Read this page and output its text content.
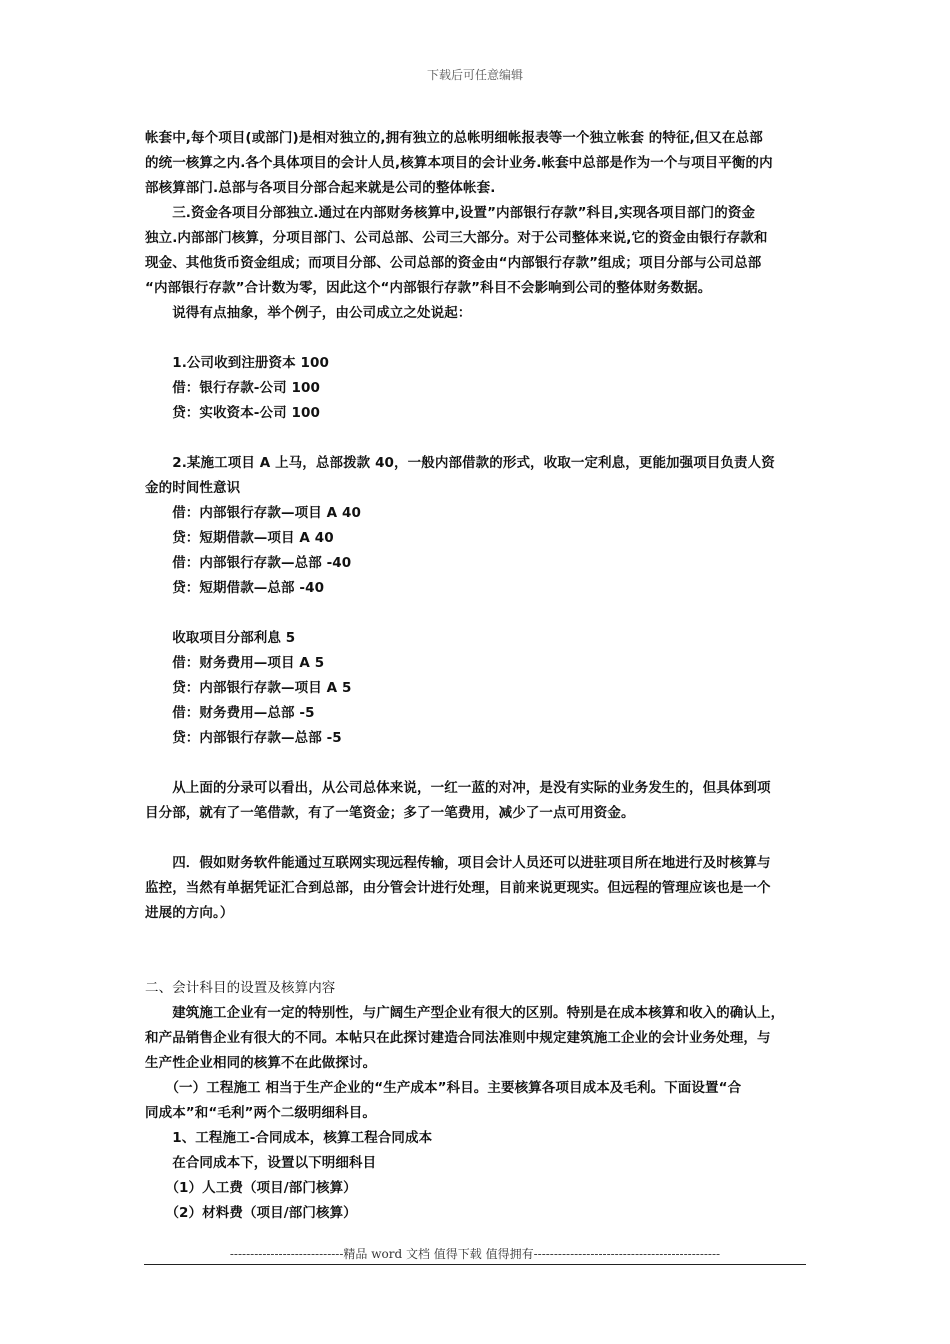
下载后可任意编辑
帐套中,每个项目(或部门)是相对独立的,拥有独立的总帐明细帐报表等一个独立帐套 的特征,但又在总部
的统一核算之内.各个具体项目的会计人员,核算本项目的会计业务.帐套中总部是作为一个与项目平衡的内
部核算部门.总部与各项目分部合起来就是公司的整体帐套.
　　三.资金各项目分部独立.通过在内部财务核算中,设置”内部银行存款”科目,实现各项目部门的资金
独立.内部部门核算，分项目部门、公司总部、公司三大部分。对于公司整体来说,它的资金由银行存款和
现金、其他货币资金组成；而项目分部、公司总部的资金由“内部银行存款”组成；项目分部与公司总部
“内部银行存款”合计数为零，因此这个“内部银行存款”科目不会影响到公司的整体财务数据。
　　说得有点抽象，举个例子，由公司成立之处说起：
　　1.公司收到注册资本 100
　　借：银行存款-公司 100
　　贷：实收资本-公司 100
　　2.某施工项目 A 上马，总部拨款 40，一般内部借款的形式，收取一定利息，更能加强项目负责人资
金的时间性意识
　　借：内部银行存款—项目 A 40
　　贷：短期借款—项目 A 40
　　借：内部银行存款—总部 -40
　　贷：短期借款—总部 -40
　　收取项目分部利息 5
　　借：财务费用—项目 A 5
　　贷：内部银行存款—项目 A 5
　　借：财务费用—总部 -5
　　贷：内部银行存款—总部 -5
　　从上面的分录可以看出，从公司总体来说，一红一蓝的对冲，是没有实际的业务发生的，但具体到项
目分部，就有了一笔借款，有了一笔资金；多了一笔费用，减少了一点可用资金。
　　四．假如财务软件能通过互联网实现远程传输，项目会计人员还可以进驻项目所在地进行及时核算与
监控，当然有单据凭证汇合到总部，由分管会计进行处理，目前来说更现实。但远程的管理应该也是一个
进展的方向。）
二、会计科目的设置及核算内容
　　建筑施工企业有一定的特别性，与广阔生产型企业有很大的区别。特别是在成本核算和收入的确认上，
和产品销售企业有很大的不同。本帖只在此探讨建造合同法准则中规定建筑施工企业的会计业务处理，与
生产性企业相同的核算不在此做探讨。
　　（一）工程施工 相当于生产企业的“生产成本”科目。主要核算各项目成本及毛利。下面设置“合
同成本”和“毛利”两个二级明细科目。
　　1、工程施工-合同成本，核算工程合同成本
　　在合同成本下，设置以下明细科目
　　（1）人工费（项目/部门核算）
　　（2）材料费（项目/部门核算）
----------------------------精品 word 文档 值得下载 值得拥有----------------------------------------------
